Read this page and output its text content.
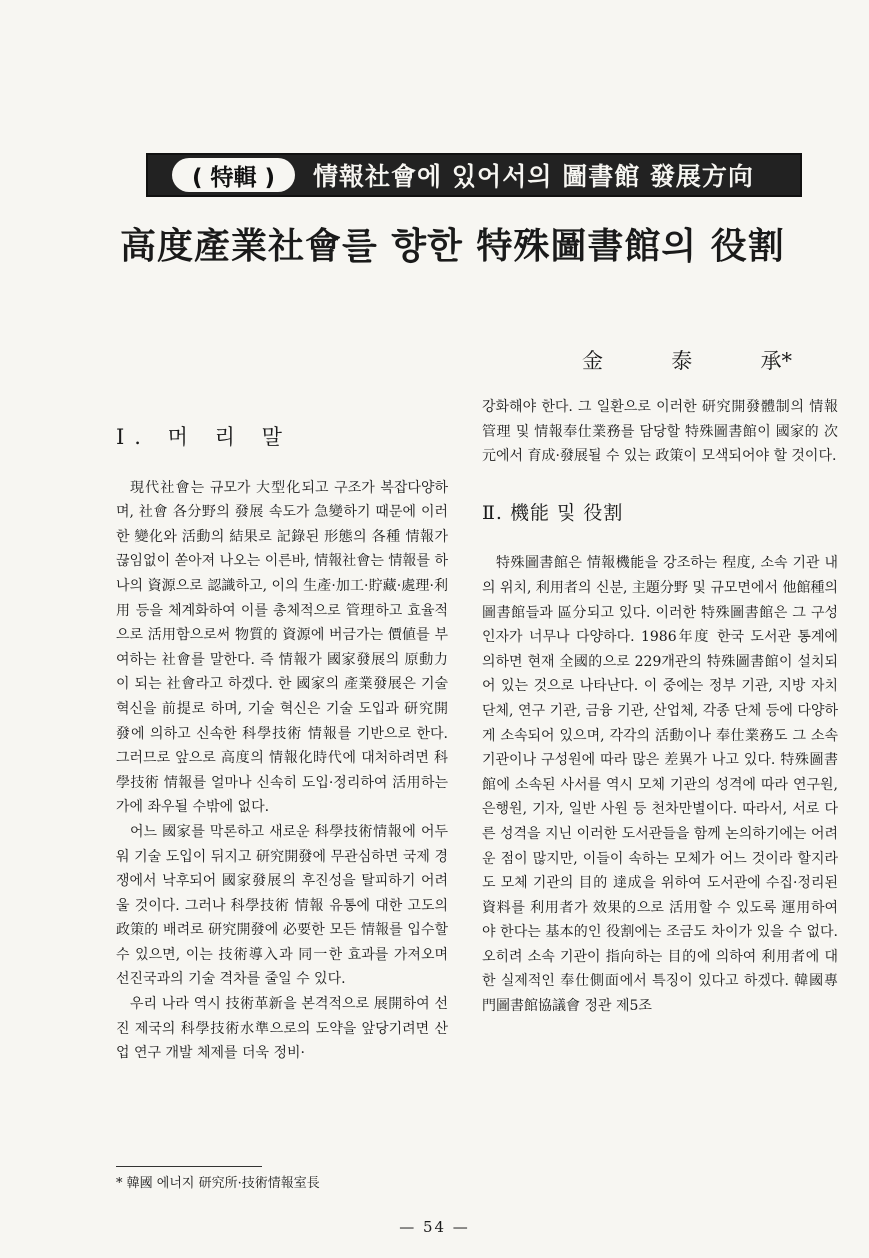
( 特輯 )	情報社會에 있어서의 圖書館 發展方向
高度產業社會를 향한 特殊圖書館의 役割
金	泰	承*
I. 머 리 말

現代社會는 규모가 大型化되고 구조가 복잡다양하며, 社會 各分野의 發展 속도가 急變하기 때문에 이러한 變化와 活動의 結果로 記錄된 形態의 各種 情報가 끊임없이 쏟아져 나오는 이른바, 情報社會는 情報를 하나의 資源으로 認識하고, 이의 生產·加工·貯藏·處理·利用 등을 체계화하여 이를 총체적으로 管理하고 효율적으로 活用함으로써 物質的 資源에 버금가는 價値를 부여하는 社會를 말한다. 즉 情報가 國家發展의 原動力이 되는 社會라고 하겠다. 한 國家의 產業發展은 기술 혁신을 前提로 하며, 기술 혁신은 기술 도입과 研究開發에 의하고 신속한 科學技術 情報를 기반으로 한다. 그러므로 앞으로 高度의 情報化時代에 대처하려면 科學技術 情報를 얼마나 신속히 도입·정리하여 活用하는가에 좌우될 수밖에 없다.

어느 國家를 막론하고 새로운 科學技術情報에 어두워 기술 도입이 뒤지고 研究開發에 무관심하면 국제 경쟁에서 낙후되어 國家發展의 후진성을 탈피하기 어려울 것이다. 그러나 科學技術 情報 유통에 대한 고도의 政策的 배려로 研究開發에 必要한 모든 情報를 입수할 수 있으면, 이는 技術導入과 同一한 효과를 가져오며 선진국과의 기술 격차를 줄일 수 있다.

우리 나라 역시 技術革新을 본격적으로 展開하여 선진 제국의 科學技術水準으로의 도약을 앞당기려면 산업 연구 개발 체제를 더욱 정비·

강화해야 한다. 그 일환으로 이러한 研究開發體制의 情報管理 및 情報奉仕業務를 담당할 特殊圖書館이 國家的 次元에서 育成·發展될 수 있는 政策이 모색되어야 할 것이다.

Ⅱ. 機能 및 役割

特殊圖書館은 情報機能을 강조하는 程度, 소속 기관 내의 위치, 利用者의 신분, 主題分野 및 규모면에서 他館種의 圖書館들과 區分되고 있다. 이러한 特殊圖書館은 그 구성 인자가 너무나 다양하다. 1986年度 한국 도서관 통계에 의하면 현재 全國的으로 229개관의 特殊圖書館이 설치되어 있는 것으로 나타난다. 이 중에는 정부 기관, 지방 자치 단체, 연구 기관, 금융 기관, 산업체, 각종 단체 등에 다양하게 소속되어 있으며, 각각의 活動이나 奉仕業務도 그 소속 기관이나 구성원에 따라 많은 差異가 나고 있다. 特殊圖書館에 소속된 사서를 역시 모체 기관의 성격에 따라 연구원, 은행원, 기자, 일반 사원 등 천차만별이다. 따라서, 서로 다른 성격을 지닌 이러한 도서관들을 함께 논의하기에는 어려운 점이 많지만, 이들이 속하는 모체가 어느 것이라 할지라도 모체 기관의 目的 達成을 위하여 도서관에 수집·정리된 資料를 利用者가 效果的으로 活用할 수 있도록 運用하여야 한다는 基本的인 役割에는 조금도 차이가 있을 수 없다. 오히려 소속 기관이 指向하는 目的에 의하여 利用者에 대한 실제적인 奉仕側面에서 특징이 있다고 하겠다. 韓國專門圖書館協議會 정관 제5조

* 韓國 에너지 研究所·技術情報室長
— 54 —
